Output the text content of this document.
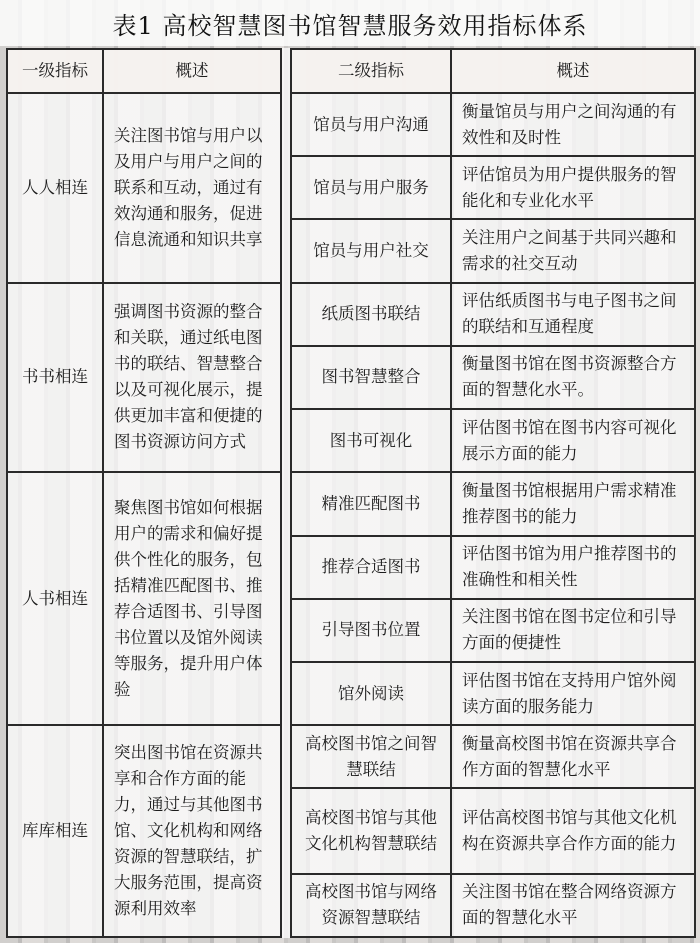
表1 高校智慧图书馆智慧服务效用指标体系
一级指标	概述		二级指标	概述
人人相连	关注图书馆与用户以及用户与用户之间的联系和互动，通过有效沟通和服务，促进信息流通和知识共享		馆员与用户沟通	衡量馆员与用户之间沟通的有效性和及时性
			馆员与用户服务	评估馆员为用户提供服务的智能化和专业化水平
			馆员与用户社交	关注用户之间基于共同兴趣和需求的社交互动
书书相连	强调图书资源的整合和关联，通过纸电图书的联结、智慧整合以及可视化展示，提供更加丰富和便捷的图书资源访问方式		纸质图书联结	评估纸质图书与电子图书之间的联结和互通程度
			图书智慧整合	衡量图书馆在图书资源整合方面的智慧化水平。
			图书可视化	评估图书馆在图书内容可视化展示方面的能力
人书相连	聚焦图书馆如何根据用户的需求和偏好提供个性化的服务，包括精准匹配图书、推荐合适图书、引导图书位置以及馆外阅读等服务，提升用户体验		精准匹配图书	衡量图书馆根据用户需求精准推荐图书的能力
			推荐合适图书	评估图书馆为用户推荐图书的准确性和相关性
			引导图书位置	关注图书馆在图书定位和引导方面的便捷性
			馆外阅读	评估图书馆在支持用户馆外阅读方面的服务能力
库库相连	突出图书馆在资源共享和合作方面的能力，通过与其他图书馆、文化机构和网络资源的智慧联结，扩大服务范围，提高资源利用效率		高校图书馆之间智慧联结	衡量高校图书馆在资源共享合作方面的智慧化水平
			高校图书馆与其他文化机构智慧联结	评估高校图书馆与其他文化机构在资源共享合作方面的能力
			高校图书馆与网络资源智慧联结	关注图书馆在整合网络资源方面的智慧化水平
